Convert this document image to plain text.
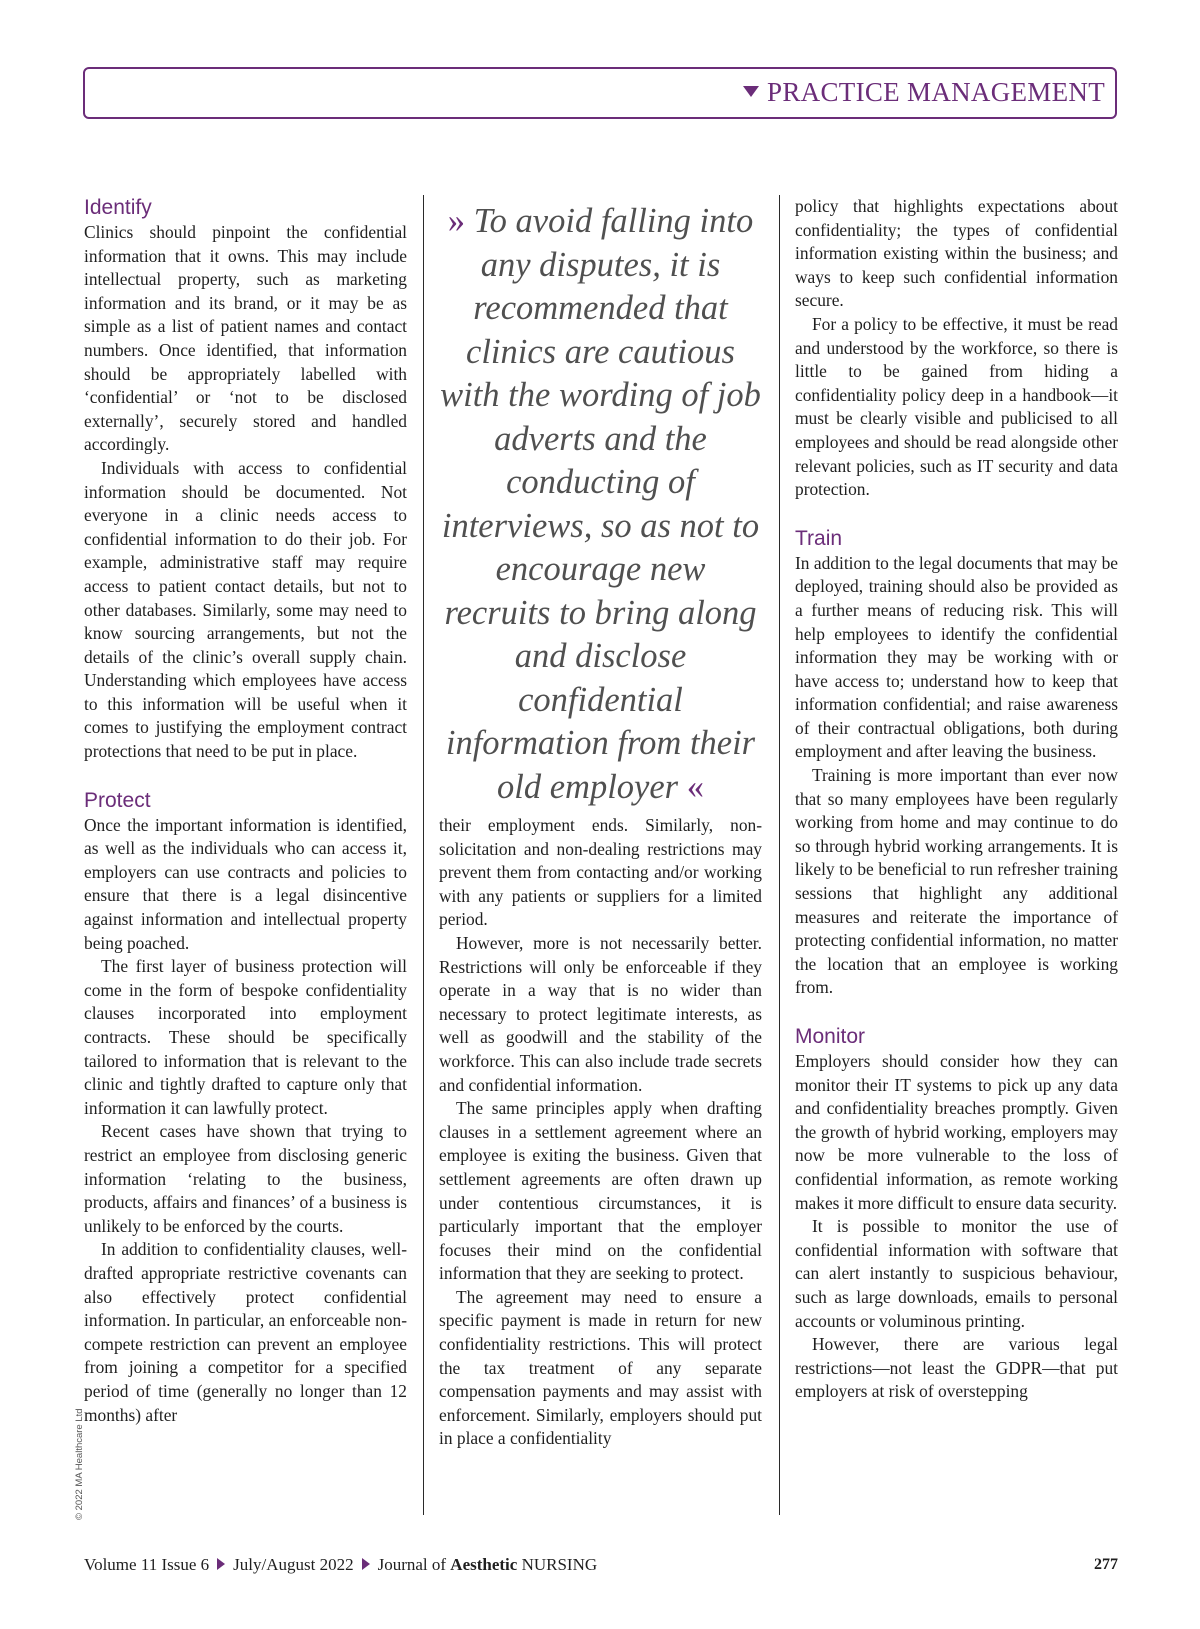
PRACTICE MANAGEMENT
Identify

Clinics should pinpoint the confidential information that it owns. This may include intellectual property, such as marketing information and its brand, or it may be as simple as a list of patient names and contact numbers. Once identified, that information should be appropriately labelled with ‘confidential’ or ‘not to be disclosed externally’, securely stored and handled accordingly.

Individuals with access to confidential information should be documented. Not everyone in a clinic needs access to confidential information to do their job. For example, administrative staff may require access to patient contact details, but not to other databases. Similarly, some may need to know sourcing arrangements, but not the details of the clinic’s overall supply chain. Understanding which employees have access to this information will be useful when it comes to justifying the employment contract protections that need to be put in place.

Protect

Once the important information is identified, as well as the individuals who can access it, employers can use contracts and policies to ensure that there is a legal disincentive against information and intellectual property being poached.

The first layer of business protection will come in the form of bespoke confidentiality clauses incorporated into employment contracts. These should be specifically tailored to information that is relevant to the clinic and tightly drafted to capture only that information it can lawfully protect.

Recent cases have shown that trying to restrict an employee from disclosing generic information ‘relating to the business, products, affairs and finances’ of a business is unlikely to be enforced by the courts.

In addition to confidentiality clauses, well-drafted appropriate restrictive covenants can also effectively protect confidential information. In particular, an enforceable non-compete restriction can prevent an employee from joining a competitor for a specified period of time (generally no longer than 12 months) after

» To avoid falling into any disputes, it is recommended that clinics are cautious with the wording of job adverts and the conducting of interviews, so as not to encourage new recruits to bring along and disclose confidential information from their old employer «

their employment ends. Similarly, non-solicitation and non-dealing restrictions may prevent them from contacting and/or working with any patients or suppliers for a limited period.

However, more is not necessarily better. Restrictions will only be enforceable if they operate in a way that is no wider than necessary to protect legitimate interests, as well as goodwill and the stability of the workforce. This can also include trade secrets and confidential information.

The same principles apply when drafting clauses in a settlement agreement where an employee is exiting the business. Given that settlement agreements are often drawn up under contentious circumstances, it is particularly important that the employer focuses their mind on the confidential information that they are seeking to protect.

The agreement may need to ensure a specific payment is made in return for new confidentiality restrictions. This will protect the tax treatment of any separate compensation payments and may assist with enforcement. Similarly, employers should put in place a confidentiality

policy that highlights expectations about confidentiality; the types of confidential information existing within the business; and ways to keep such confidential information secure.

For a policy to be effective, it must be read and understood by the workforce, so there is little to be gained from hiding a confidentiality policy deep in a handbook—it must be clearly visible and publicised to all employees and should be read alongside other relevant policies, such as IT security and data protection.

Train

In addition to the legal documents that may be deployed, training should also be provided as a further means of reducing risk. This will help employees to identify the confidential information they may be working with or have access to; understand how to keep that information confidential; and raise awareness of their contractual obligations, both during employment and after leaving the business.

Training is more important than ever now that so many employees have been regularly working from home and may continue to do so through hybrid working arrangements. It is likely to be beneficial to run refresher training sessions that highlight any additional measures and reiterate the importance of protecting confidential information, no matter the location that an employee is working from.

Monitor

Employers should consider how they can monitor their IT systems to pick up any data and confidentiality breaches promptly. Given the growth of hybrid working, employers may now be more vulnerable to the loss of confidential information, as remote working makes it more difficult to ensure data security.

It is possible to monitor the use of confidential information with software that can alert instantly to suspicious behaviour, such as large downloads, emails to personal accounts or voluminous printing.

However, there are various legal restrictions—not least the GDPR—that put employers at risk of overstepping

© 2022 MA Healthcare Ltd
Volume 11 Issue 6 July/August 2022 Journal of Aesthetic NURSING	277
